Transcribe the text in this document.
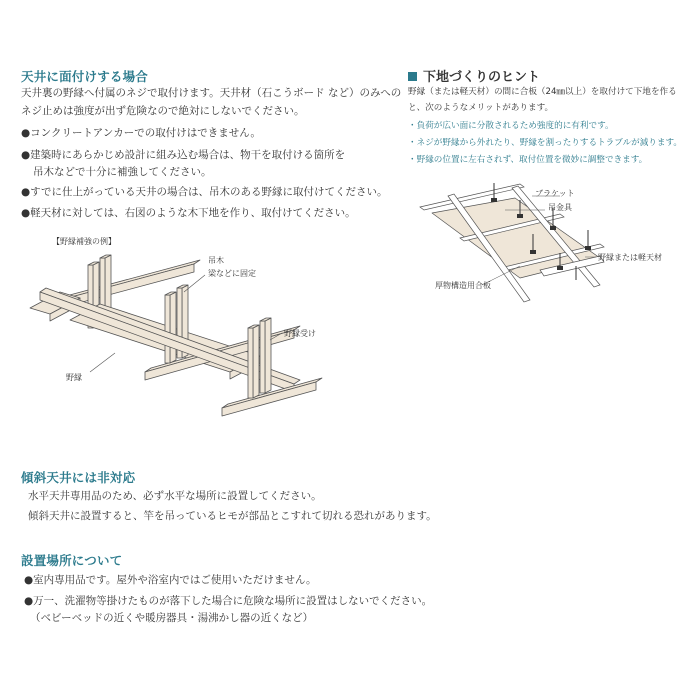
天井に面付けする場合
天井裏の野縁へ付属のネジで取付けます。天井材（石こうボード など）のみへの
ネジ止めは強度が出ず危険なので絶対にしないでください。
●コンクリートアンカーでの取付けはできません。
●建築時にあらかじめ設計に組み込む場合は、物干を取付ける箇所を
吊木などで十分に補強してください。
●すでに仕上がっている天井の場合は、吊木のある野縁に取付けてください。
●軽天材に対しては、右図のような木下地を作り、取付けてください。
【野縁補強の例】
吊木
梁などに固定
野縁受け
野縁
下地づくりのヒント
野縁（または軽天材）の間に合板（24㎜以上）を取付けて下地を作る
と、次のようなメリットがあります。
・負荷が広い面に分散されるため強度的に有利です。
・ネジが野縁から外れたり、野縁を割ったりするトラブルが減ります。
・野縁の位置に左右されず、取付位置を微妙に調整できます。
ブラケット
吊金具
野縁または軽天材
厚物構造用合板
傾斜天井には非対応
水平天井専用品のため、必ず水平な場所に設置してください。
傾斜天井に設置すると、竿を吊っているヒモが部品とこすれて切れる恐れがあります。
設置場所について
●室内専用品です。屋外や浴室内ではご使用いただけません。
●万一、洗濯物等掛けたものが落下した場合に危険な場所に設置はしないでください。
（ベビーベッドの近くや暖房器具・湯沸かし器の近くなど）
